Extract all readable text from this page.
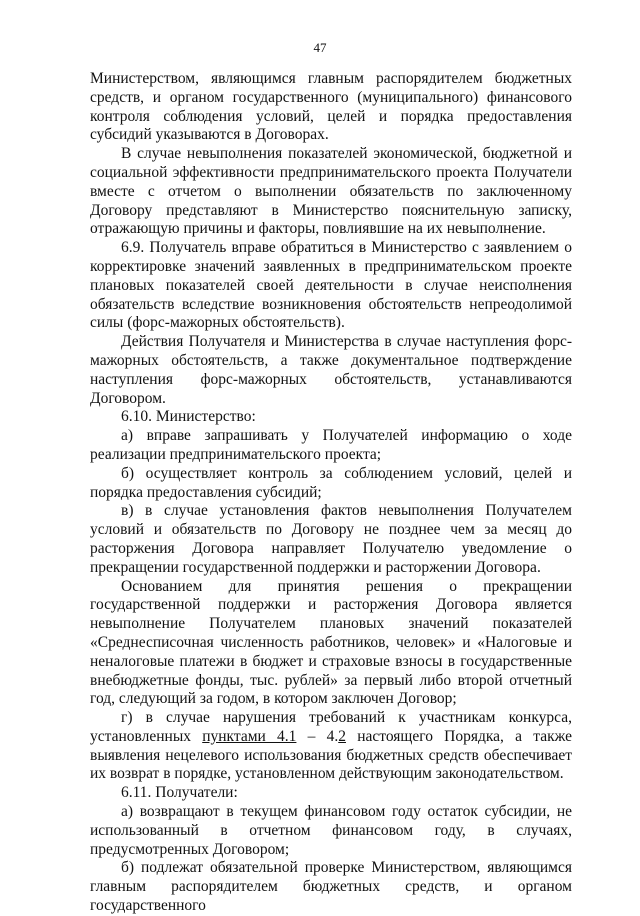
47

Министерством, являющимся главным распорядителем бюджетных средств, и органом государственного (муниципального) финансового контроля соблюдения условий, целей и порядка предоставления субсидий указываются в Договорах.

В случае невыполнения показателей экономической, бюджетной и социальной эффективности предпринимательского проекта Получатели вместе с отчетом о выполнении обязательств по заключенному Договору представляют в Министерство пояснительную записку, отражающую причины и факторы, повлиявшие на их невыполнение.

6.9. Получатель вправе обратиться в Министерство с заявлением о корректировке значений заявленных в предпринимательском проекте плановых показателей своей деятельности в случае неисполнения обязательств вследствие возникновения обстоятельств непреодолимой силы (форс-мажорных обстоятельств).

Действия Получателя и Министерства в случае наступления форс-мажорных обстоятельств, а также документальное подтверждение наступления форс-мажорных обстоятельств, устанавливаются Договором.

6.10. Министерство:

а) вправе запрашивать у Получателей информацию о ходе реализации предпринимательского проекта;

б) осуществляет контроль за соблюдением условий, целей и порядка предоставления субсидий;

в) в случае установления фактов невыполнения Получателем условий и обязательств по Договору не позднее чем за месяц до расторжения Договора направляет Получателю уведомление о прекращении государственной поддержки и расторжении Договора.

Основанием для принятия решения о прекращении государственной поддержки и расторжения Договора является невыполнение Получателем плановых значений показателей «Среднесписочная численность работников, человек» и «Налоговые и неналоговые платежи в бюджет и страховые взносы в государственные внебюджетные фонды, тыс. рублей» за первый либо второй отчетный год, следующий за годом, в котором заключен Договор;

г) в случае нарушения требований к участникам конкурса, установленных пунктами 4.1 – 4.2 настоящего Порядка, а также выявления нецелевого использования бюджетных средств обеспечивает их возврат в порядке, установленном действующим законодательством.

6.11. Получатели:

а) возвращают в текущем финансовом году остаток субсидии, не использованный в отчетном финансовом году, в случаях, предусмотренных Договором;

б) подлежат обязательной проверке Министерством, являющимся главным распорядителем бюджетных средств, и органом государственного
